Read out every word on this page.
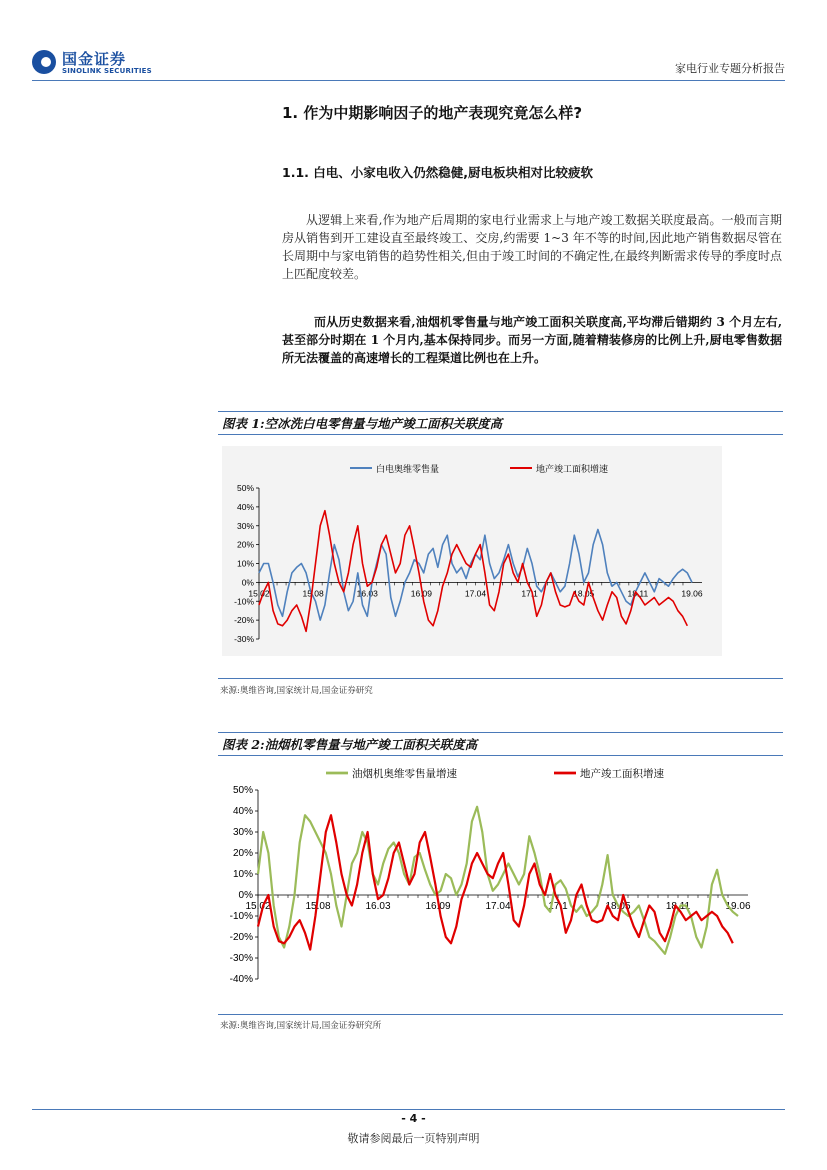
国金证券
SINOLINK SECURITIES	家电行业专题分析报告
1. 作为中期影响因子的地产表现究竟怎么样?
1.1. 白电、小家电收入仍然稳健,厨电板块相对比较疲软
从逻辑上来看,作为地产后周期的家电行业需求上与地产竣工数据关联度最高。一般而言期房从销售到开工建设直至最终竣工、交房,约需要 1~3 年不等的时间,因此地产销售数据尽管在长周期中与家电销售的趋势性相关,但由于竣工时间的不确定性,在最终判断需求传导的季度时点上匹配度较差。
而从历史数据来看,油烟机零售量与地产竣工面积关联度高,平均滞后错期约 3 个月左右,甚至部分时期在 1 个月内,基本保持同步。而另一方面,随着精装修房的比例上升,厨电零售数据所无法覆盖的高速增长的工程渠道比例也在上升。
图表 1:空冰洗白电零售量与地产竣工面积关联度高
50%
40%
30%
20%
10%
0%
-10%
-20%
-30%
15.02	15.08	16.03	16.09	17.04	17.1	18.05	18.11	19.06
白电奥维零售量	地产竣工面积增速
来源:奥维咨询,国家统计局,国金证券研究
图表 2:油烟机零售量与地产竣工面积关联度高
50%
40%
30%
20%
10%
0%
-10%
-20%
-30%
-40%
15.02	15.08	16.03	16.09	17.04	17.1	18.05	18.11	19.06
油烟机奥维零售量增速	地产竣工面积增速
来源:奥维咨询,国家统计局,国金证券研究所
- 4 -
敬请参阅最后一页特别声明
